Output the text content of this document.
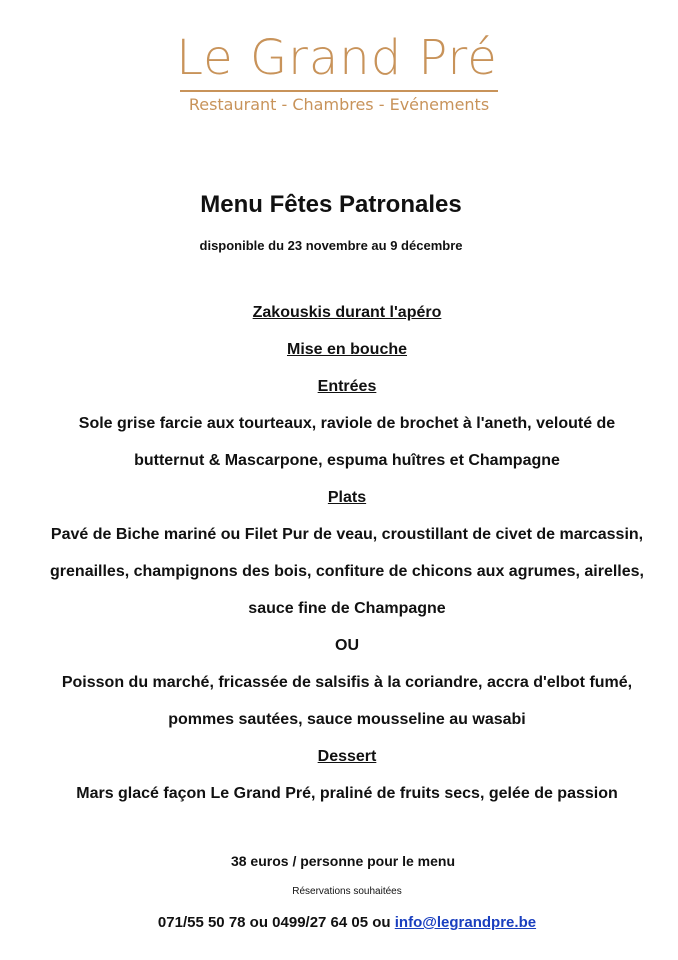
Le Grand Pré
Restaurant - Chambres - Evénements
Menu Fêtes Patronales
disponible du 23 novembre au 9 décembre
Zakouskis durant l'apéro
Mise en bouche
Entrées
Sole grise farcie aux tourteaux, raviole de brochet à l'aneth, velouté de
butternut & Mascarpone, espuma huîtres et Champagne
Plats
Pavé de Biche mariné ou Filet Pur de veau, croustillant de civet de marcassin,
grenailles, champignons des bois, confiture de chicons aux agrumes, airelles,
sauce fine de Champagne
OU
Poisson du marché, fricassée de salsifis à la coriandre, accra d'elbot fumé,
pommes sautées, sauce mousseline au wasabi
Dessert
Mars glacé façon Le Grand Pré, praliné de fruits secs, gelée de passion
38 euros / personne pour le menu
Réservations souhaitées
071/55 50 78 ou 0499/27 64 05 ou info@legrandpre.be
